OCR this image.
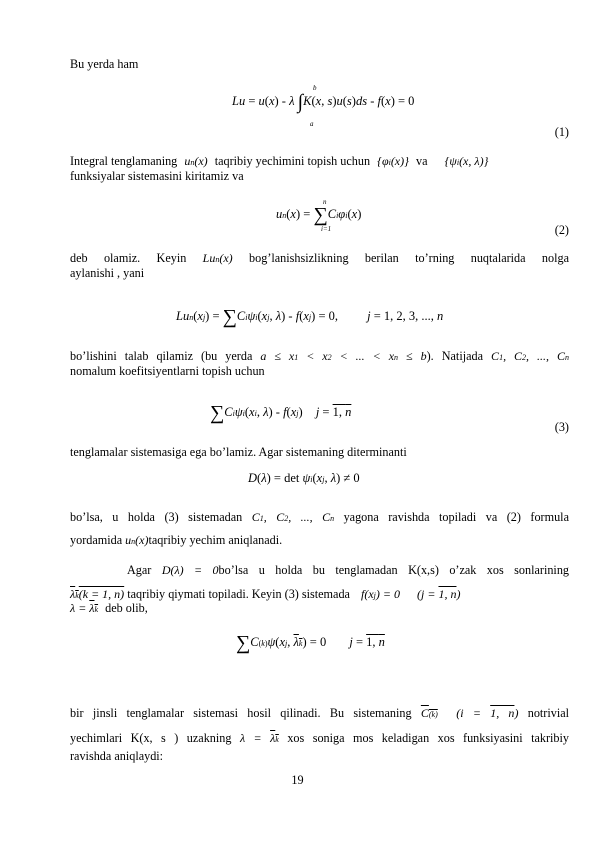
Bu yerda ham
Lu = u(x) - λ ∫K(x, s)u(s)ds - f(x) = 0
b
a
(1)
Integral tenglamaning un(x) taqribiy yechimini topish uchun {φi(x)} va {ψi(x, λ)}
funksiyalar sistemasini kiritamiz va
un(x) = ∑Ciφi(x)
n
i=1	(2)
deb olamiz. Keyin Lun(x) bog’lanishsizlikning berilan to’rning nuqtalarida nolga
aylanishi , yani
Lun(xj) = ∑Ciψi(xj, λ) - f(xj) = 0, j = 1, 2, 3, ..., n
bo’lishini talab qilamiz (bu yerda a ≤ x1 < x2 < ... < xn ≤ b). Natijada C1, C2, ..., Cn
nomalum koefitsiyentlarni topish uchun
∑Ciψi(xi, λ) - f(xj) j = 1, n
(3)
tenglamalar sistemasiga ega bo’lamiz. Agar sistemaning diterminanti
D(λ) = det ψi(xj, λ) ≠ 0
bo’lsa, u holda (3) sistemadan C1, C2, ..., Cn yagona ravishda topiladi va (2) formula
yordamida un(x)taqribiy yechim aniqlanadi.
Agar D(λ) = 0bo’lsa u holda bu tenglamadan K(x,s) o’zak xos sonlarining
λk(k = 1, n) taqribiy qiymati topiladi. Keyin (3) sistemada f(xj) = 0 (j = 1, n)
λ = λk deb olib,
∑C(k)ψ(xj, λk) = 0 j = 1, n
bir jinsli tenglamalar sistemasi hosil qilinadi. Bu sistemaning C(k)  (i = 1, n) notrivial
yechimlari K(x, s ) uzakning λ = λk xos soniga mos keladigan xos funksiyasini takribiy
ravishda aniqlaydi:
19
